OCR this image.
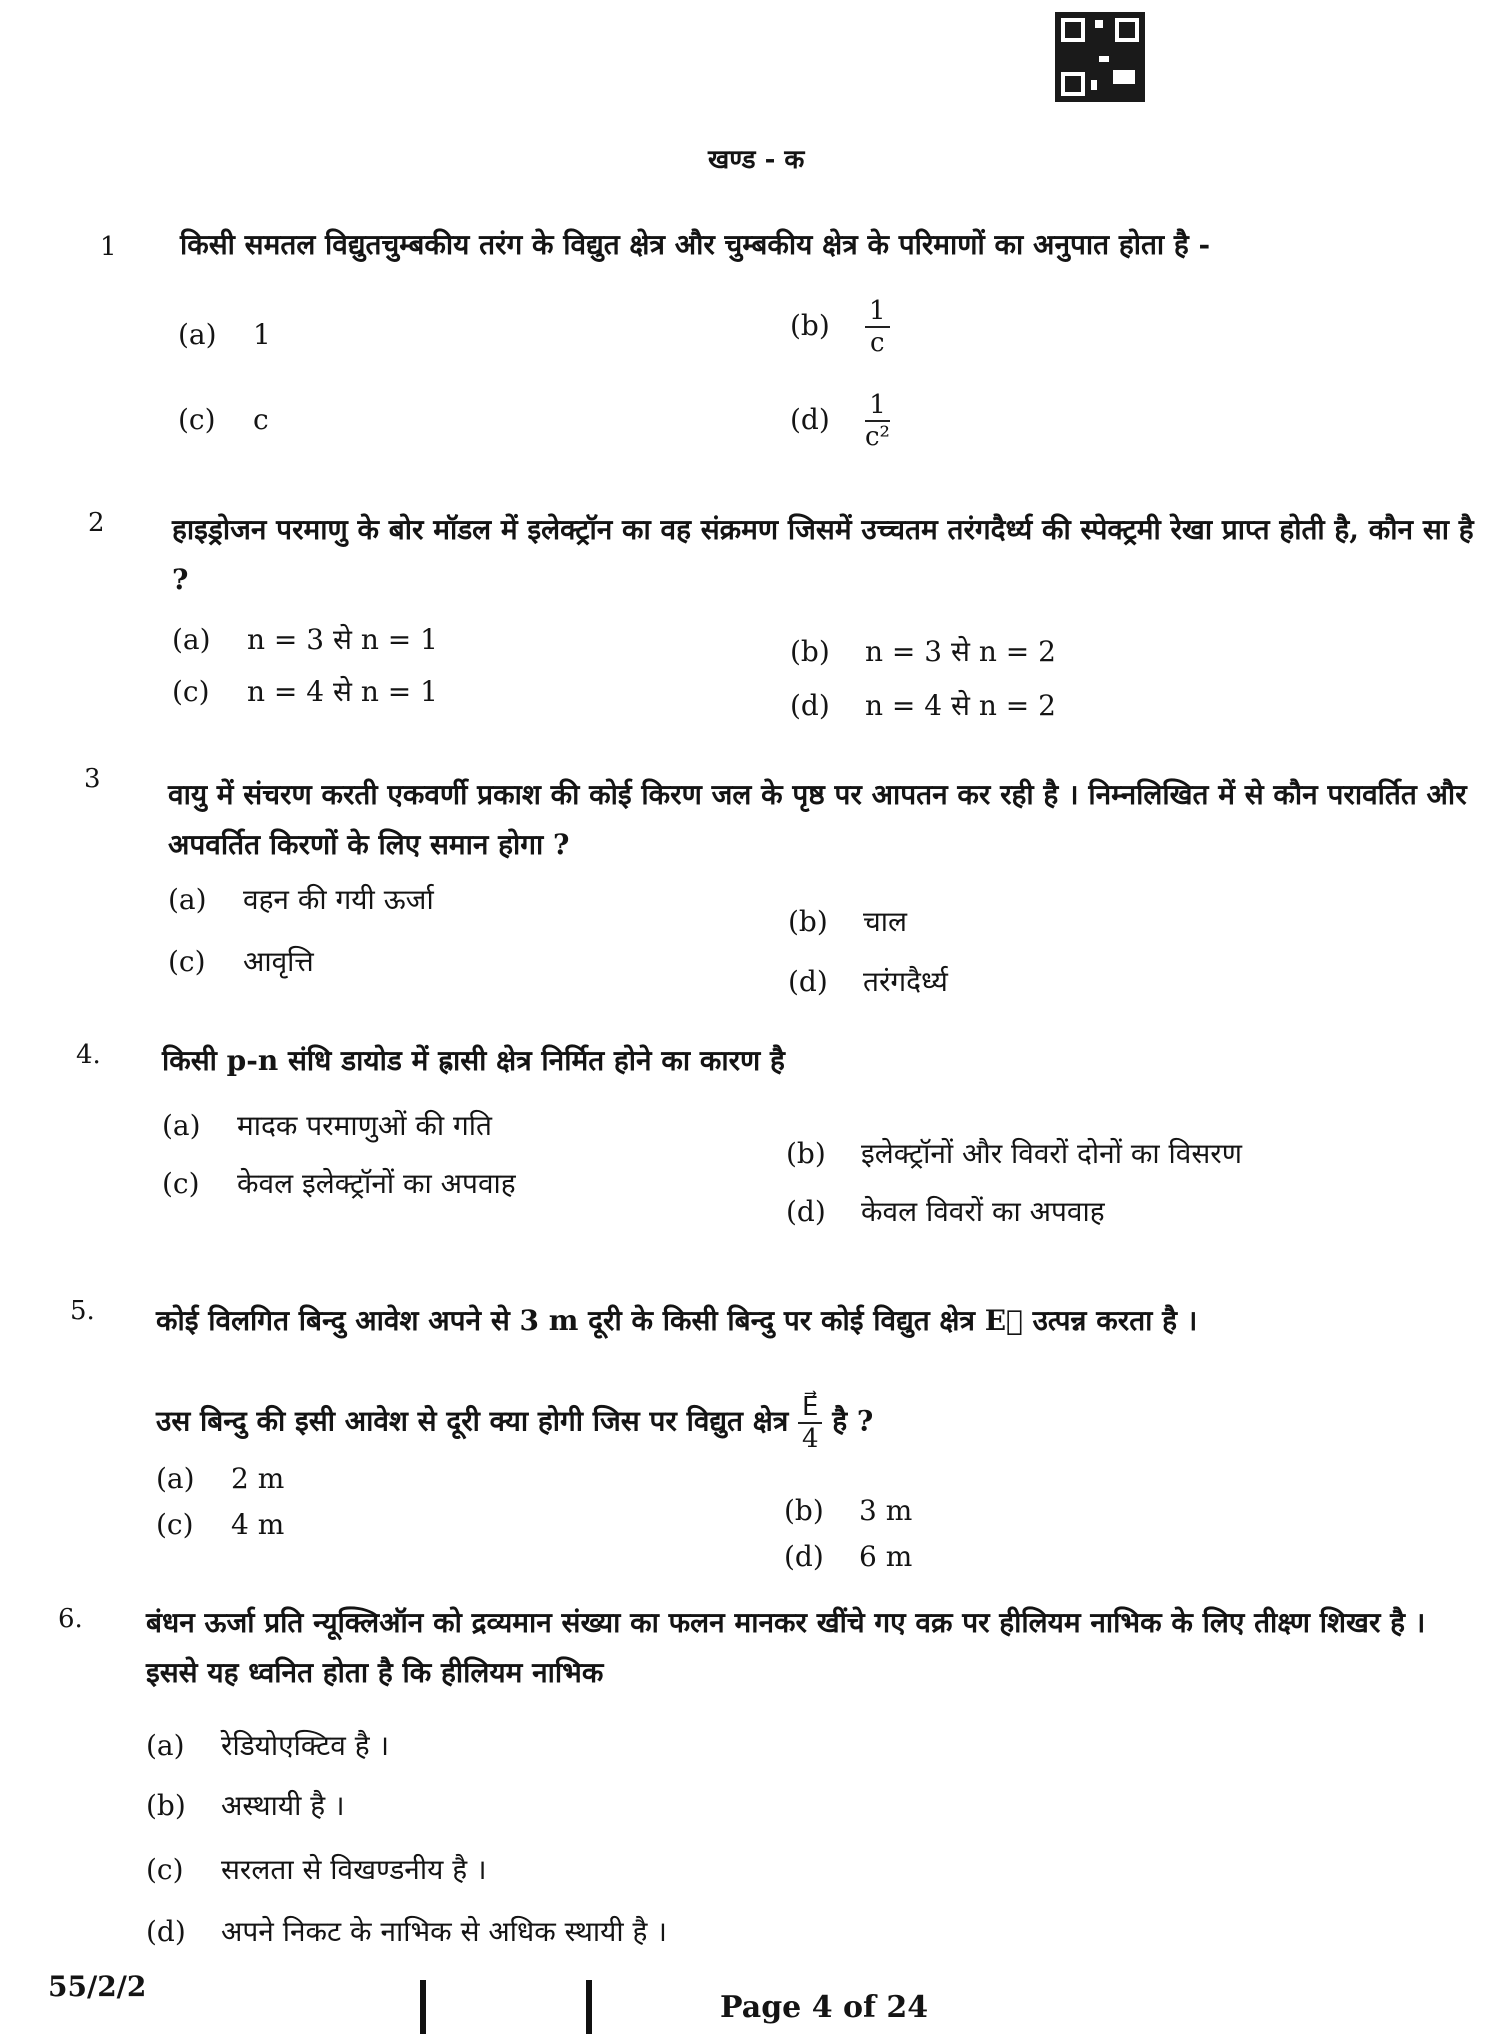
खण्ड - क
1 किसी समतल विद्युतचुम्बकीय तरंग के विद्युत क्षेत्र और चुम्बकीय क्षेत्र के परिमाणों का अनुपात होता है -
(a) 1	$(b) \frac{1}{c}$
(c) c	$(d) \frac{1}{\text{c²}}$
2 हाइड्रोजन परमाणु के बोर मॉडल में इलेक्ट्रॉन का वह संक्रमण जिसमें उच्चतम तरंगदैर्ध्य की स्पेक्ट्रमी रेखा प्राप्त होती है, कौन सा है ?
(a) n = 3 से n = 1	(b) n = 3 से n = 2
(c) n = 4 से n = 1	(d) n = 4 से n = 2
3 वायु में संचरण करती एकवर्णी प्रकाश की कोई किरण जल के पृष्ठ पर आपतन कर रही है । निम्नलिखित में से कौन परावर्तित और अपवर्तित किरणों के लिए समान होगा ?
(a) वहन की गयी ऊर्जा
(b) चाल
(c) आवृत्ति
(d) तरंगदैर्ध्य
4. किसी p-n संधि डायोड में ह्रासी क्षेत्र निर्मित होने का कारण है
(a) मादक परमाणुओं की गति
(b) इलेक्ट्रॉनों और विवरों दोनों का विसरण
(c) केवल इलेक्ट्रॉनों का अपवाह
(d) केवल विवरों का अपवाह
5. कोई विलगित बिन्दु आवेश अपने से 3 m दूरी के किसी बिन्दु पर कोई विद्युत क्षेत्र E⃗ उत्पन्न करता है ।
उस बिन्दु की इसी आवेश से दूरी क्या होगी जिस पर विद्युत क्षेत्र $\frac{E⃗}{4}$ है ?
(a) 2 m
(b) 3 m
(c) 4 m
(d) 6 m
6. बंधन ऊर्जा प्रति न्यूक्लिऑन को द्रव्यमान संख्या का फलन मानकर खींचे गए वक्र पर हीलियम नाभिक के लिए तीक्ष्ण शिखर है । इससे यह ध्वनित होता है कि हीलियम नाभिक
(a) रेडियोएक्टिव है ।
(b) अस्थायी है ।
(c) सरलता से विखण्डनीय है ।
(d) अपने निकट के नाभिक से अधिक स्थायी है ।
55/2/2
Page 4 of 24
